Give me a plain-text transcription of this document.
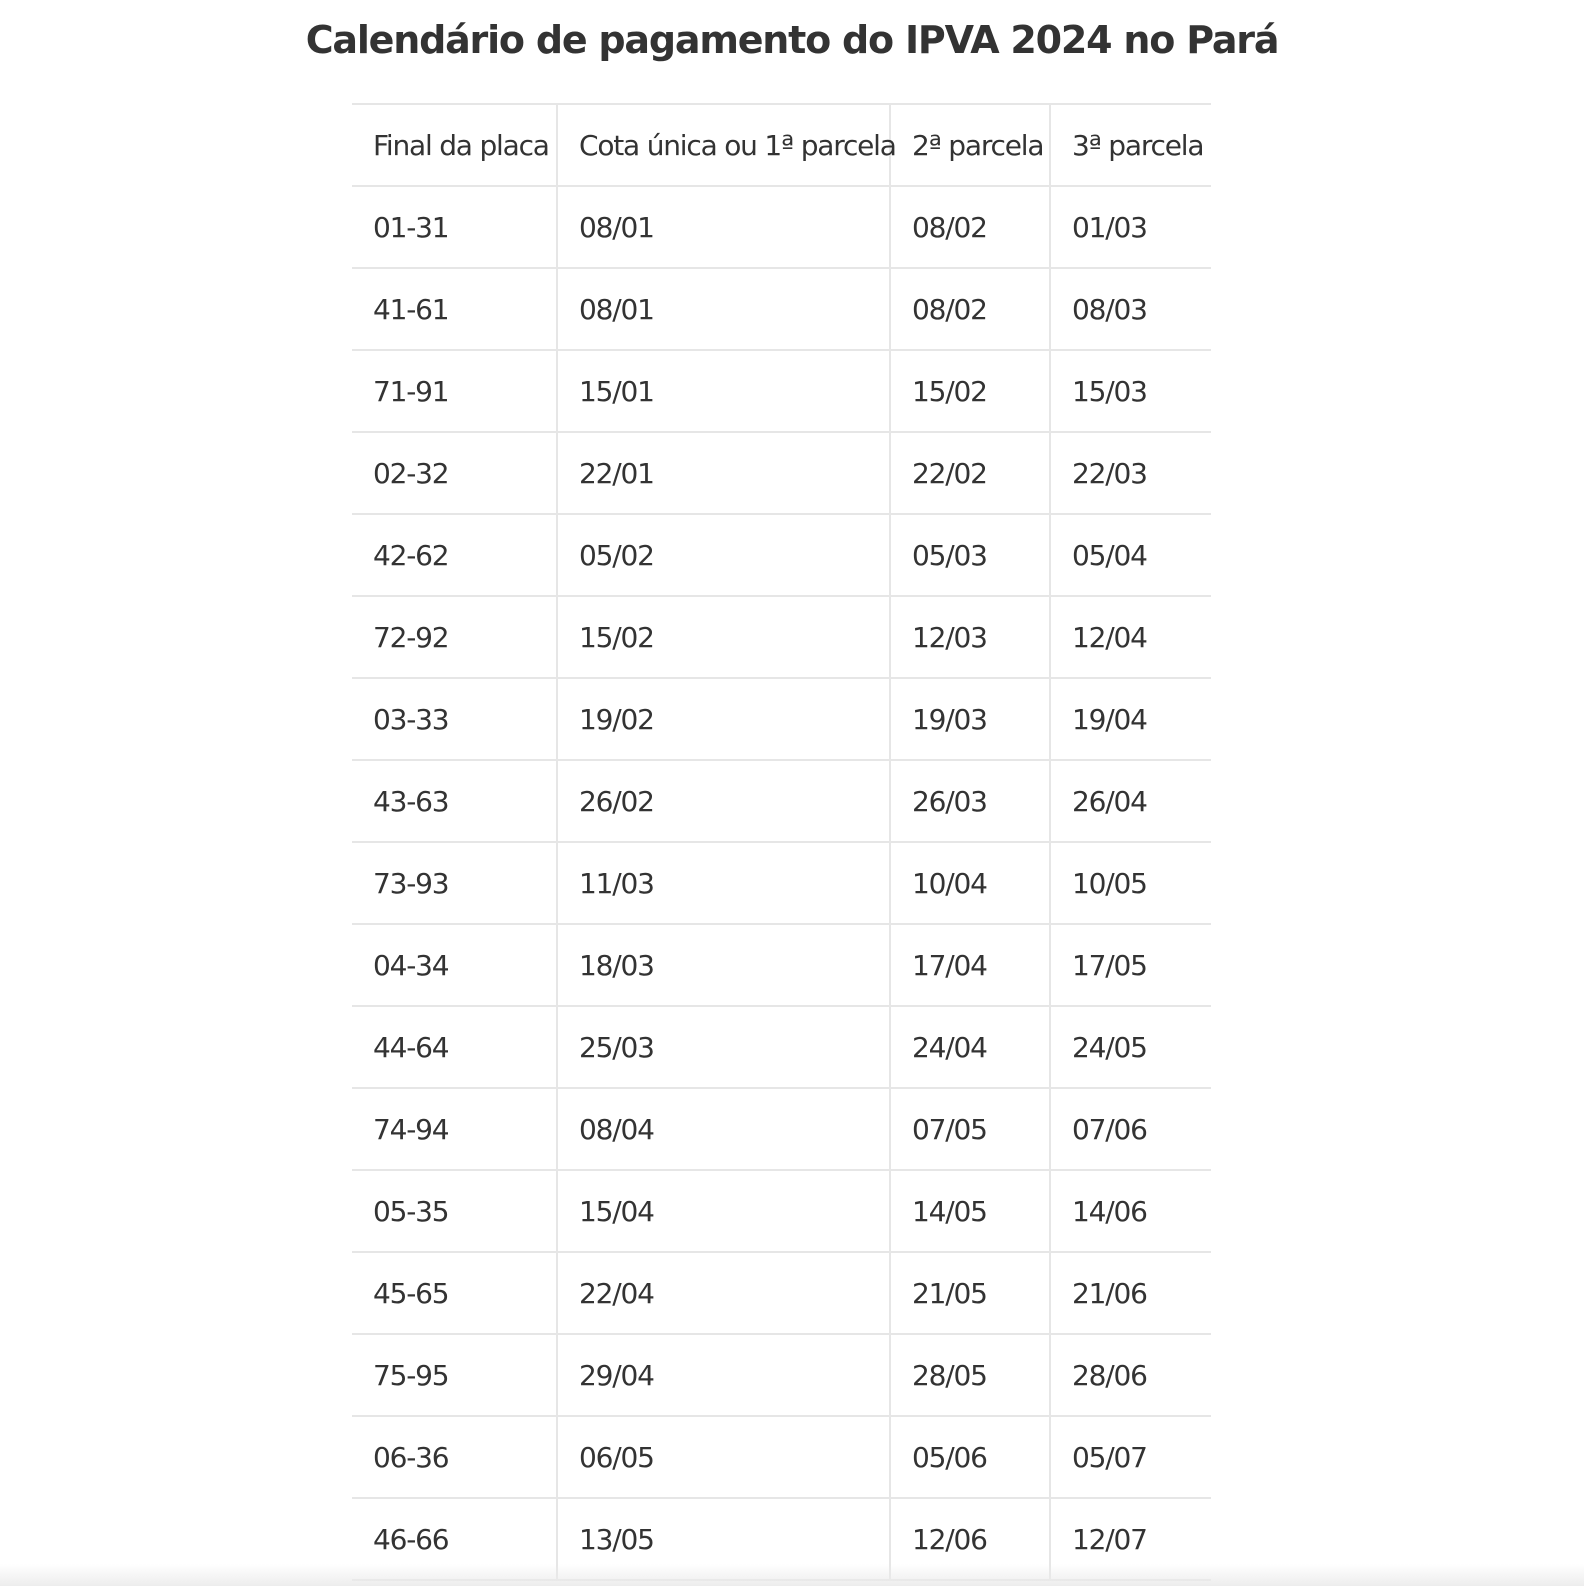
Calendário de pagamento do IPVA 2024 no Pará
Final da placa	Cota única ou 1ª parcela	2ª parcela	3ª parcela
01-31	08/01	08/02	01/03
41-61	08/01	08/02	08/03
71-91	15/01	15/02	15/03
02-32	22/01	22/02	22/03
42-62	05/02	05/03	05/04
72-92	15/02	12/03	12/04
03-33	19/02	19/03	19/04
43-63	26/02	26/03	26/04
73-93	11/03	10/04	10/05
04-34	18/03	17/04	17/05
44-64	25/03	24/04	24/05
74-94	08/04	07/05	07/06
05-35	15/04	14/05	14/06
45-65	22/04	21/05	21/06
75-95	29/04	28/05	28/06
06-36	06/05	05/06	05/07
46-66	13/05	12/06	12/07
